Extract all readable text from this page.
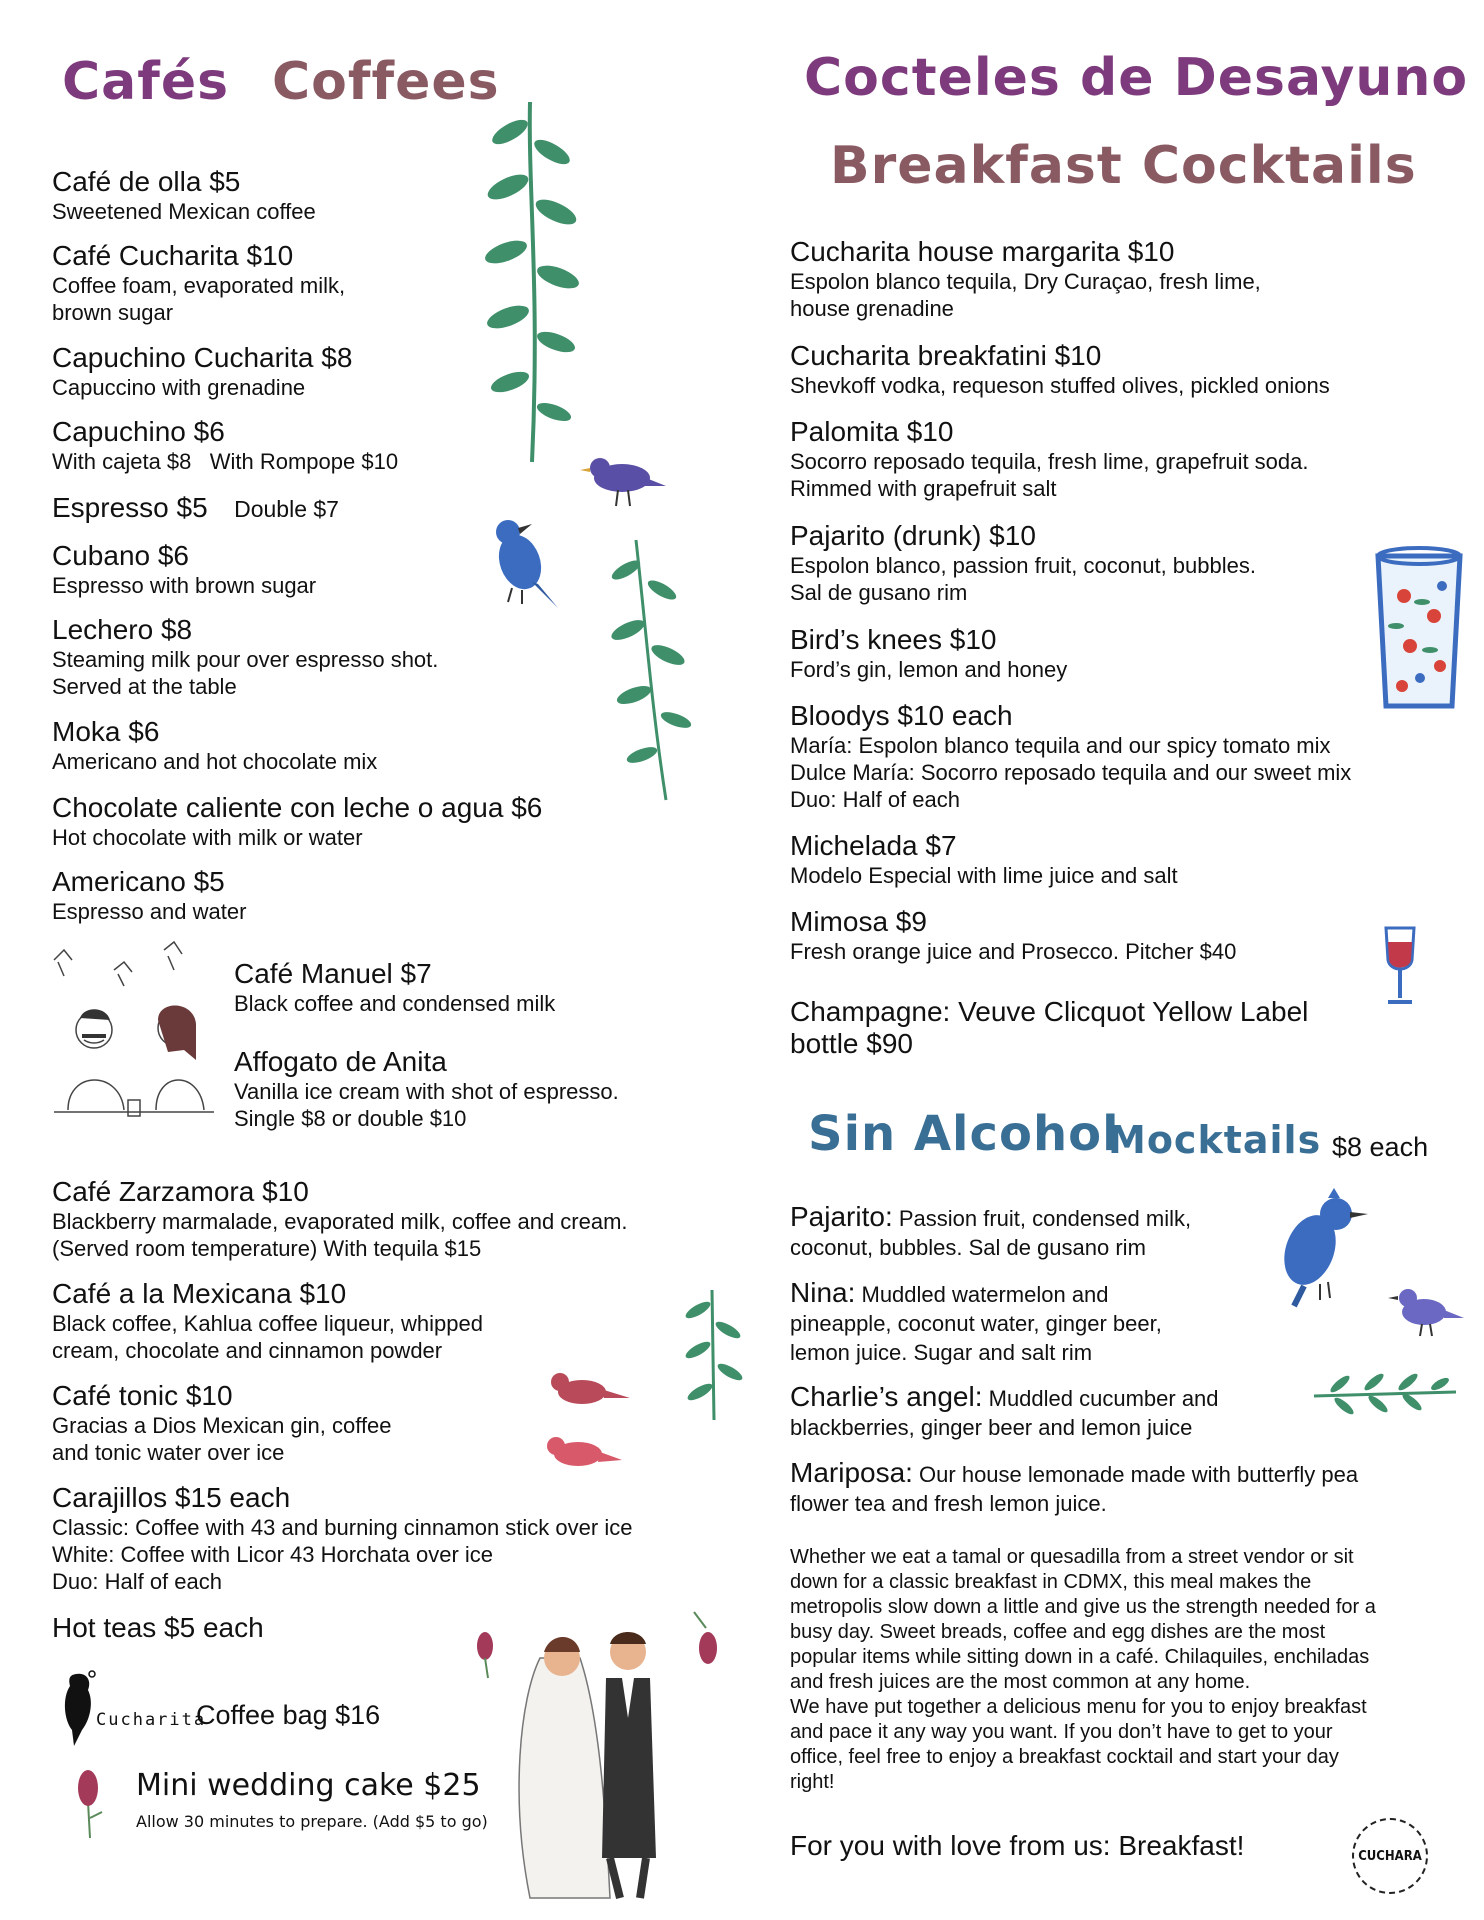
Cafés Coffees
Café de olla $5
Sweetened Mexican coffee
Café Cucharita $10
Coffee foam, evaporated milk,
brown sugar
Capuchino Cucharita $8
Capuccino with grenadine
Capuchino $6
With cajeta $8   With Rompope $10
Espresso $5 Double $7
Cubano $6
Espresso with brown sugar
Lechero $8
Steaming milk pour over espresso shot.
Served at the table
Moka $6
Americano and hot chocolate mix
Chocolate caliente con leche o agua $6
Hot chocolate with milk or water
Americano $5
Espresso and water
Café Manuel $7
Black coffee and condensed milk
Affogato de Anita
Vanilla ice cream with shot of espresso.
Single $8 or double $10
Café Zarzamora $10
Blackberry marmalade, evaporated milk, coffee and cream.
(Served room temperature) With tequila $15
Café a la Mexicana $10
Black coffee, Kahlua coffee liqueur, whipped
cream, chocolate and cinnamon powder
Café tonic $10
Gracias a Dios Mexican gin, coffee
and tonic water over ice
Carajillos $15 each
Classic: Coffee with 43 and burning cinnamon stick over ice
White: Coffee with Licor 43 Horchata over ice
Duo: Half of each
Hot teas $5 each
Cucharita
Coffee bag $16
Mini wedding cake $25
Allow 30 minutes to prepare. (Add $5 to go)
Cocteles de Desayuno
Breakfast Cocktails
Cucharita house margarita $10
Espolon blanco tequila, Dry Curaçao, fresh lime,
house grenadine
Cucharita breakfatini $10
Shevkoff vodka, requeson stuffed olives, pickled onions
Palomita $10
Socorro reposado tequila, fresh lime, grapefruit soda.
Rimmed with grapefruit salt
Pajarito (drunk) $10
Espolon blanco, passion fruit, coconut, bubbles.
Sal de gusano rim
Bird’s knees $10
Ford’s gin, lemon and honey
Bloodys $10 each
María: Espolon blanco tequila and our spicy tomato mix
Dulce María: Socorro reposado tequila and our sweet mix
Duo: Half of each
Michelada $7
Modelo Especial with lime juice and salt
Mimosa $9
Fresh orange juice and Prosecco. Pitcher $40
Champagne: Veuve Clicquot Yellow Label
bottle $90
Sin Alcohol
Mocktails $8 each
Pajarito: Passion fruit, condensed milk,
coconut, bubbles. Sal de gusano rim
Nina: Muddled watermelon and
pineapple, coconut water, ginger beer,
lemon juice. Sugar and salt rim
Charlie’s angel: Muddled cucumber and
blackberries, ginger beer and lemon juice
Mariposa: Our house lemonade made with butterfly pea
flower tea and fresh lemon juice.
Whether we eat a tamal or quesadilla from a street vendor or sit
down for a classic breakfast in CDMX, this meal makes the
metropolis slow down a little and give us the strength needed for a
busy day. Sweet breads, coffee and egg dishes are the most
popular items while sitting down in a café. Chilaquiles, enchiladas
and fresh juices are the most common at any home.
We have put together a delicious menu for you to enjoy breakfast
and pace it any way you want. If you don’t have to get to your
office, feel free to enjoy a breakfast cocktail and start your day
right!
For you with love from us: Breakfast!	CUCHARA
